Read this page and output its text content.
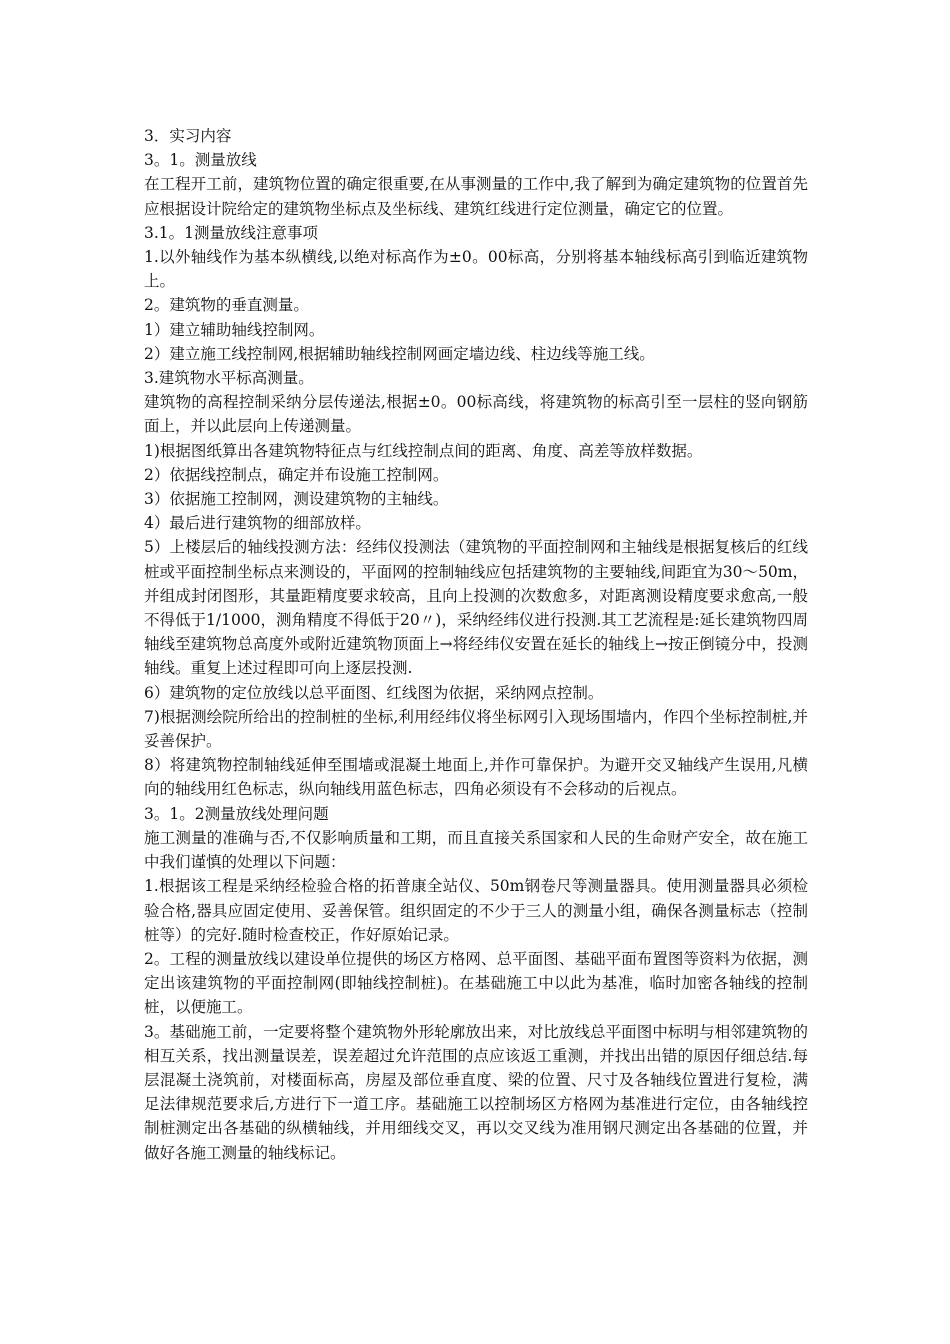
3．实习内容

3。1。测量放线

在工程开工前，建筑物位置的确定很重要,在从事测量的工作中,我了解到为确定建筑物的位置首先应根据设计院给定的建筑物坐标点及坐标线、建筑红线进行定位测量，确定它的位置。

3.1。1测量放线注意事项

1.以外轴线作为基本纵横线,以绝对标高作为±0。00标高，分别将基本轴线标高引到临近建筑物上。

2。建筑物的垂直测量。

1）建立辅助轴线控制网。

2）建立施工线控制网,根据辅助轴线控制网画定墙边线、柱边线等施工线。

3.建筑物水平标高测量。

建筑物的高程控制采纳分层传递法,根据±0。00标高线，将建筑物的标高引至一层柱的竖向钢筋面上，并以此层向上传递测量。

1)根据图纸算出各建筑物特征点与红线控制点间的距离、角度、高差等放样数据。

2）依据线控制点，确定并布设施工控制网。

3）依据施工控制网，测设建筑物的主轴线。

4）最后进行建筑物的细部放样。

5）上楼层后的轴线投测方法：经纬仪投测法（建筑物的平面控制网和主轴线是根据复核后的红线桩或平面控制坐标点来测设的，平面网的控制轴线应包括建筑物的主要轴线,间距宜为30～50m，并组成封闭图形，其量距精度要求较高，且向上投测的次数愈多，对距离测设精度要求愈高,一般不得低于1/1000，测角精度不得低于20〃)，采纳经纬仪进行投测.其工艺流程是:延长建筑物四周轴线至建筑物总高度外或附近建筑物顶面上→将经纬仪安置在延长的轴线上→按正倒镜分中，投测轴线。重复上述过程即可向上逐层投测.

6）建筑物的定位放线以总平面图、红线图为依据，采纳网点控制。

7)根据测绘院所给出的控制桩的坐标,利用经纬仪将坐标网引入现场围墙内，作四个坐标控制桩,并妥善保护。

8）将建筑物控制轴线延伸至围墙或混凝土地面上,并作可靠保护。为避开交叉轴线产生误用,凡横向的轴线用红色标志，纵向轴线用蓝色标志，四角必须设有不会移动的后视点。

3。1。2测量放线处理问题

施工测量的准确与否,不仅影响质量和工期，而且直接关系国家和人民的生命财产安全，故在施工中我们谨慎的处理以下问题：

1.根据该工程是采纳经检验合格的拓普康全站仪、50m钢卷尺等测量器具。使用测量器具必须检验合格,器具应固定使用、妥善保管。组织固定的不少于三人的测量小组，确保各测量标志（控制桩等）的完好.随时检查校正，作好原始记录。

2。工程的测量放线以建设单位提供的场区方格网、总平面图、基础平面布置图等资料为依据，测定出该建筑物的平面控制网(即轴线控制桩)。在基础施工中以此为基准，临时加密各轴线的控制桩，以便施工。

3。基础施工前，一定要将整个建筑物外形轮廓放出来，对比放线总平面图中标明与相邻建筑物的相互关系，找出测量误差，误差超过允许范围的点应该返工重测，并找出出错的原因仔细总结.每层混凝土浇筑前，对楼面标高，房屋及部位垂直度、梁的位置、尺寸及各轴线位置进行复检，满足法律规范要求后,方进行下一道工序。基础施工以控制场区方格网为基准进行定位，由各轴线控制桩测定出各基础的纵横轴线，并用细线交叉，再以交叉线为准用钢尺测定出各基础的位置，并做好各施工测量的轴线标记。
